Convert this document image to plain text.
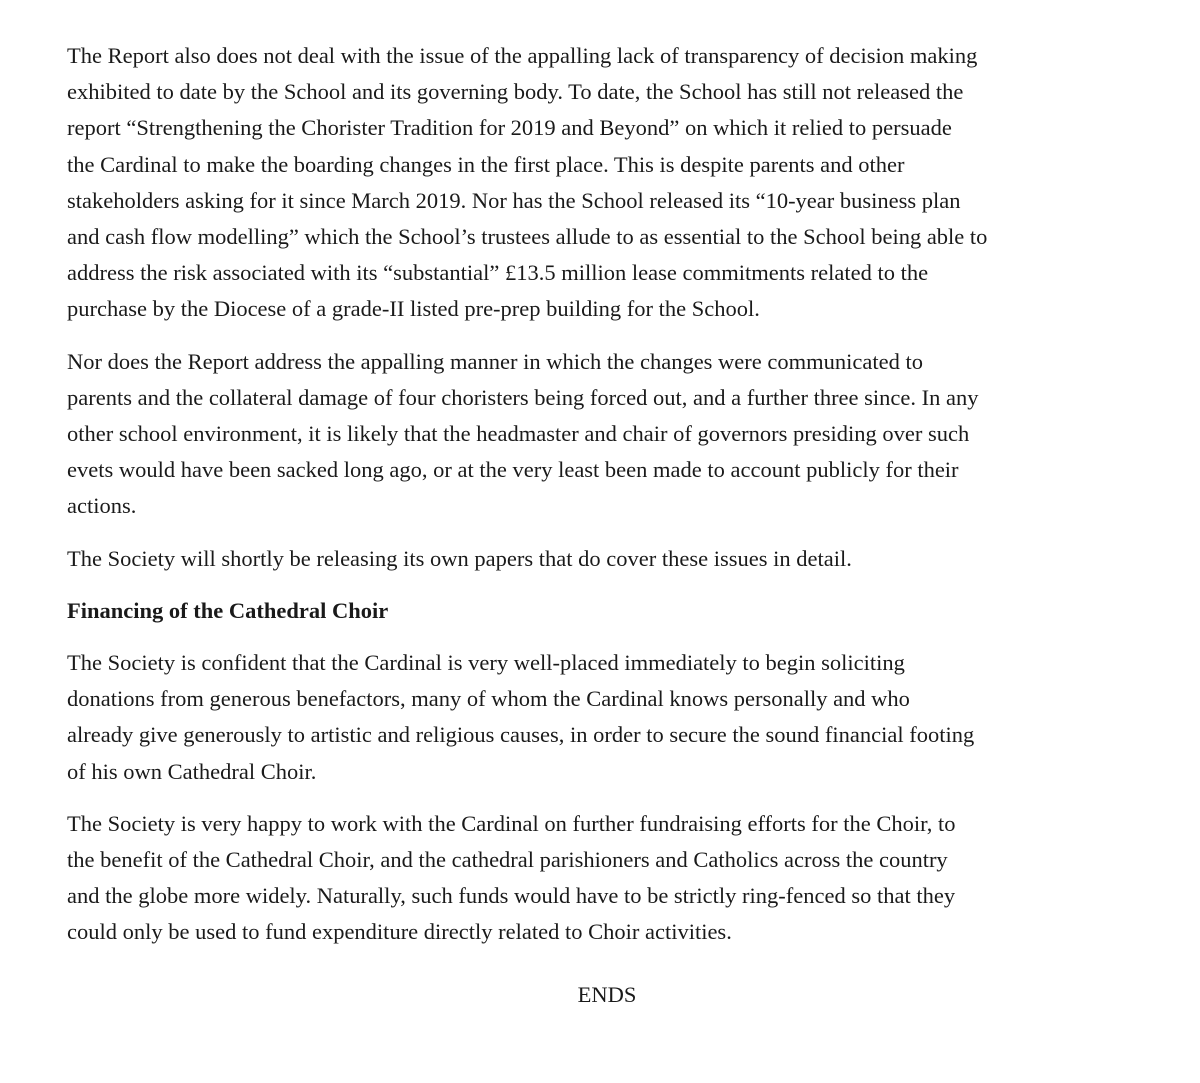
The Report also does not deal with the issue of the appalling lack of transparency of decision making
exhibited to date by the School and its governing body. To date, the School has still not released the
report “Strengthening the Chorister Tradition for 2019 and Beyond” on which it relied to persuade
the Cardinal to make the boarding changes in the first place. This is despite parents and other
stakeholders asking for it since March 2019. Nor has the School released its “10-year business plan
and cash flow modelling” which the School’s trustees allude to as essential to the School being able to
address the risk associated with its “substantial” £13.5 million lease commitments related to the
purchase by the Diocese of a grade-II listed pre-prep building for the School.

Nor does the Report address the appalling manner in which the changes were communicated to
parents and the collateral damage of four choristers being forced out, and a further three since. In any
other school environment, it is likely that the headmaster and chair of governors presiding over such
evets would have been sacked long ago, or at the very least been made to account publicly for their
actions.

The Society will shortly be releasing its own papers that do cover these issues in detail.

Financing of the Cathedral Choir

The Society is confident that the Cardinal is very well-placed immediately to begin soliciting
donations from generous benefactors, many of whom the Cardinal knows personally and who
already give generously to artistic and religious causes, in order to secure the sound financial footing
of his own Cathedral Choir.

The Society is very happy to work with the Cardinal on further fundraising efforts for the Choir, to
the benefit of the Cathedral Choir, and the cathedral parishioners and Catholics across the country
and the globe more widely. Naturally, such funds would have to be strictly ring-fenced so that they
could only be used to fund expenditure directly related to Choir activities.

ENDS
